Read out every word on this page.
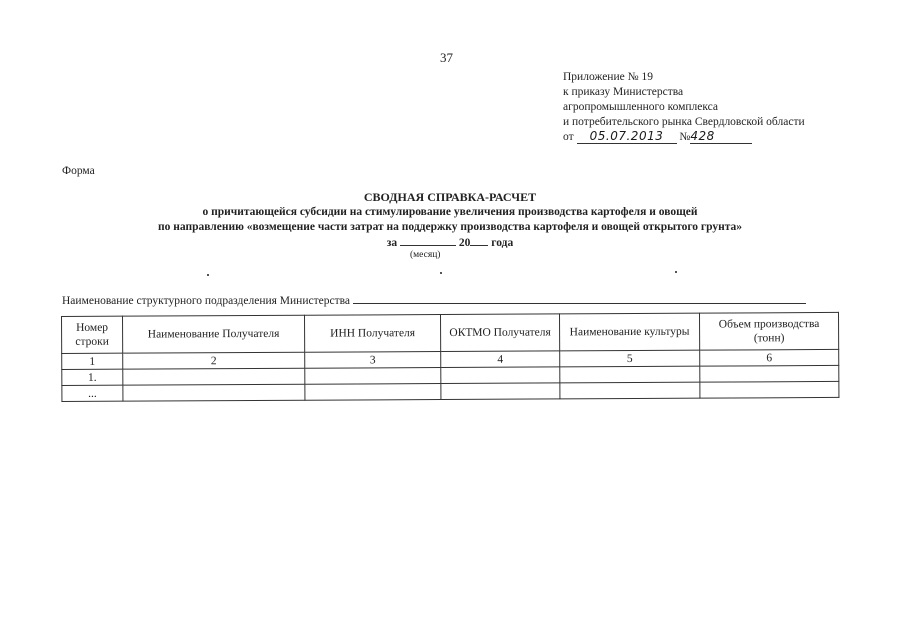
37
Приложение № 19
к приказу Министерства
агропромышленного комплекса
и потребительского рынка Свердловской области
от 05.07.2013 №428
Форма
СВОДНАЯ СПРАВКА-РАСЧЕТ
о причитающейся субсидии на стимулирование увеличения производства картофеля и овощей
по направлению «возмещение части затрат на поддержку производства картофеля и овощей открытого грунта»
за	20 года
(месяц)
Наименование структурного подразделения Министерства
Номер строки	Наименование Получателя	ИНН Получателя	ОКТМО Получателя	Наименование культуры	Объем производства (тонн)
1	2	3	4	5	6
1.					
...					
